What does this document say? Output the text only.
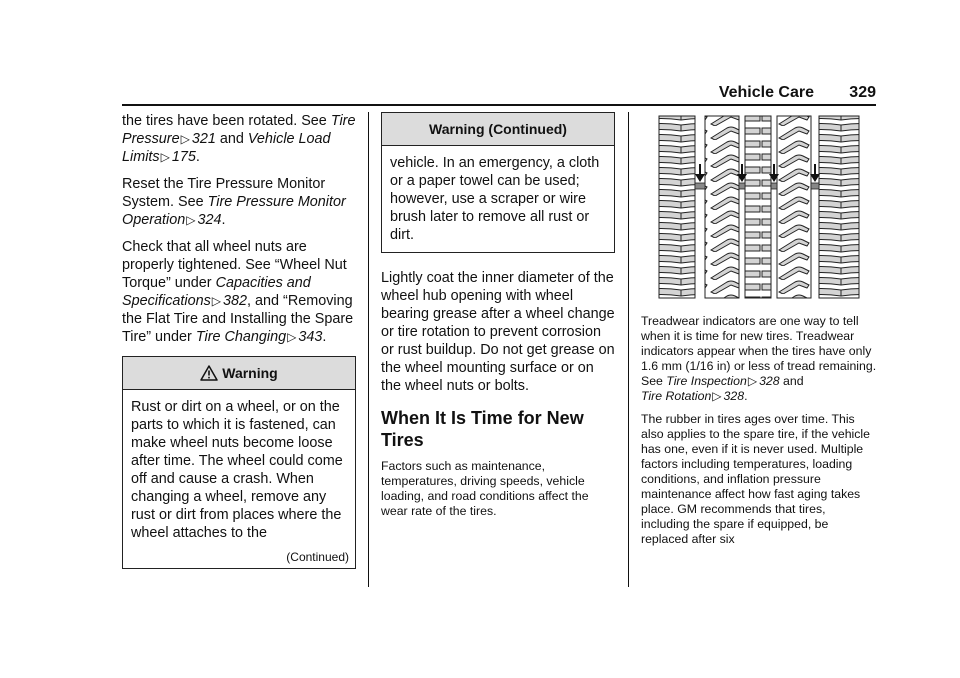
Vehicle Care 329

the tires have been rotated. See Tire Pressure▷ 321 and Vehicle Load Limits▷ 175.

Reset the Tire Pressure Monitor System. See Tire Pressure Monitor Operation▷ 324.

Check that all wheel nuts are properly tightened. See “Wheel Nut Torque” under Capacities and Specifications▷ 382, and “Removing the Flat Tire and Installing the Spare Tire” under Tire Changing▷ 343.

Warning
Rust or dirt on a wheel, or on the parts to which it is fastened, can make wheel nuts become loose after time. The wheel could come off and cause a crash. When changing a wheel, remove any rust or dirt from places where the wheel attaches to the
(Continued)
Warning (Continued)
vehicle. In an emergency, a cloth or a paper towel can be used; however, use a scraper or wire brush later to remove all rust or dirt.

Lightly coat the inner diameter of the wheel hub opening with wheel bearing grease after a wheel change or tire rotation to prevent corrosion or rust buildup. Do not get grease on the wheel mounting surface or on the wheel nuts or bolts.

When It Is Time for New Tires

Factors such as maintenance, temperatures, driving speeds, vehicle loading, and road conditions affect the wear rate of the tires.

Treadwear indicators are one way to tell when it is time for new tires. Treadwear indicators appear when the tires have only 1.6 mm (1/16 in) or less of tread remaining. See Tire Inspection▷ 328 and
Tire Rotation▷ 328.

The rubber in tires ages over time. This also applies to the spare tire, if the vehicle has one, even if it is never used. Multiple factors including temperatures, loading conditions, and inflation pressure maintenance affect how fast aging takes place. GM recommends that tires, including the spare if equipped, be replaced after six
